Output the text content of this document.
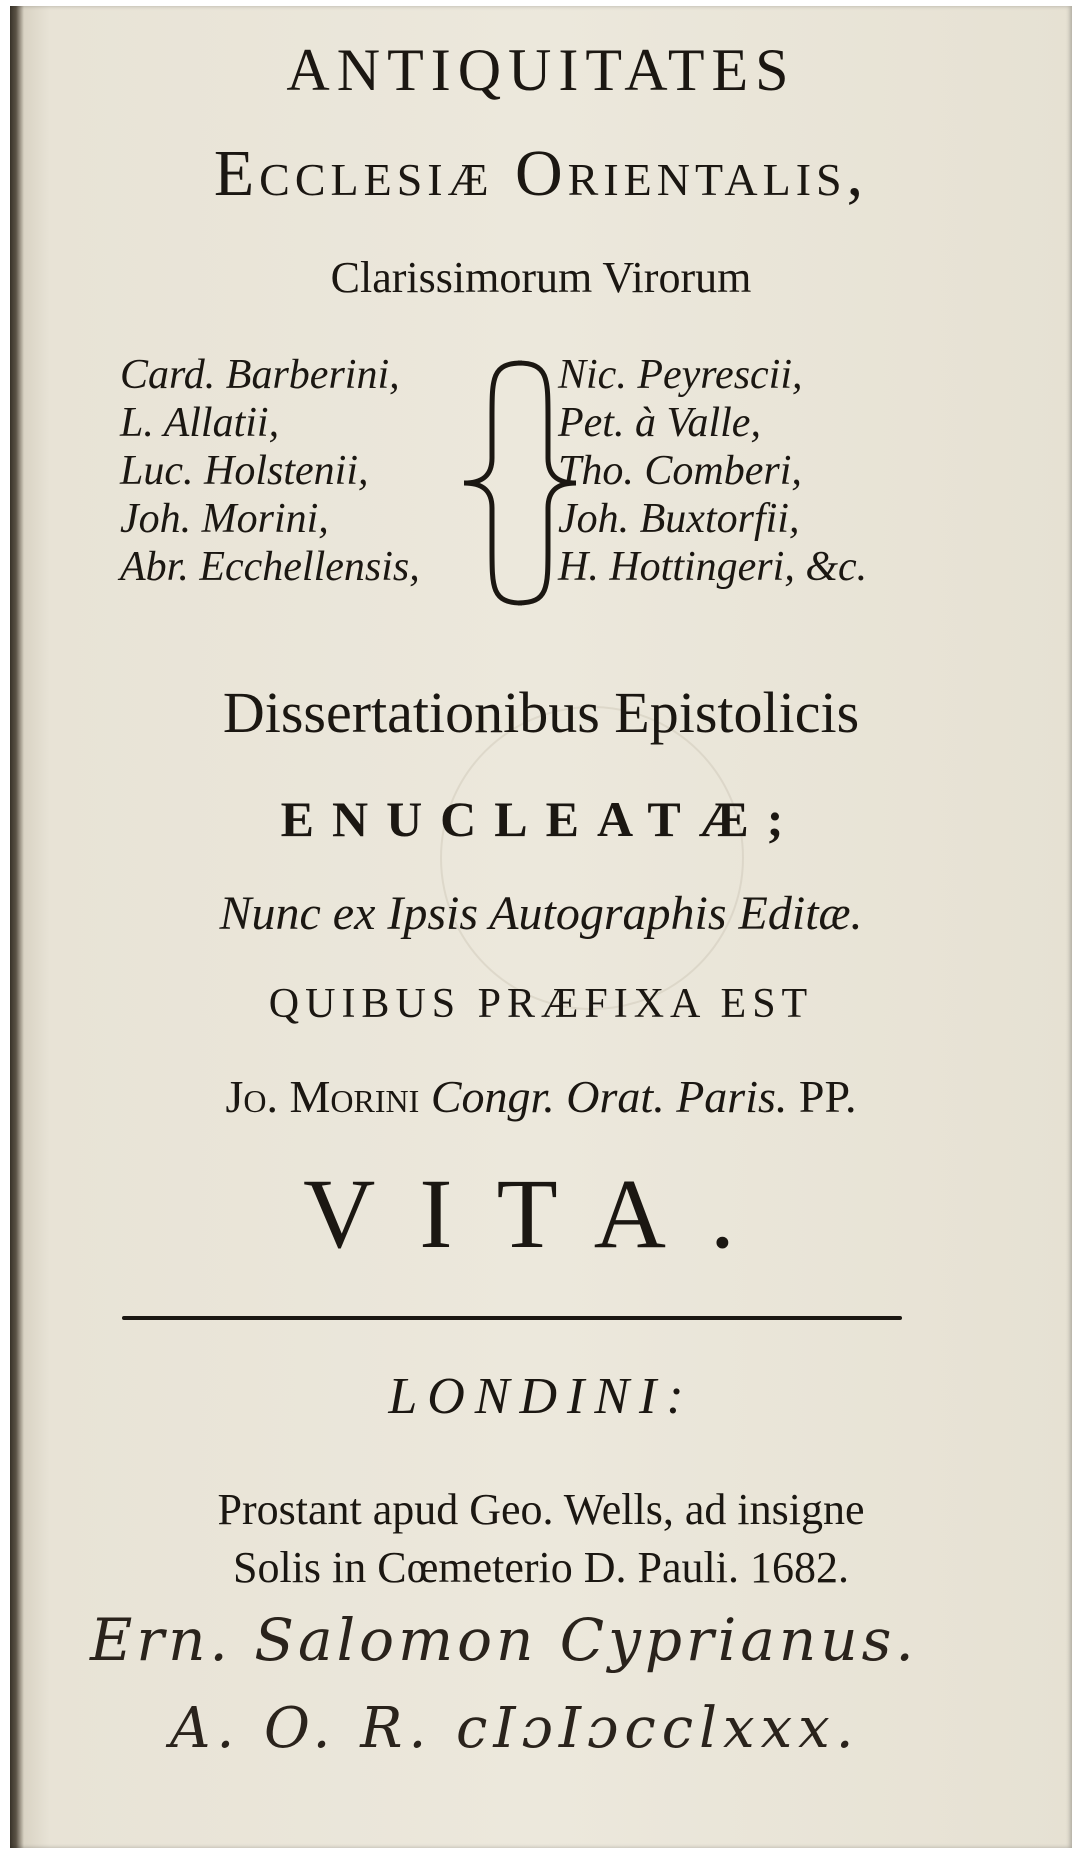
ANTIQUITATES
Ecclesiæ Orientalis,
Clarissimorum Virorum
Card. Barberini,
L. Allatii,
Luc. Holstenii,
Joh. Morini,
Abr. Ecchellensis,
Nic. Peyrescii,
Pet. à Valle,
Tho. Comberi,
Joh. Buxtorfii,
H. Hottingeri, &c.
Dissertationibus Epistolicis
ENUCLEATÆ;
Nunc ex Ipsis Autographis Editæ.
QUIBUS PRÆFIXA EST
Jo. Morini Congr. Orat. Paris. PP.
VITA.
LONDINI:
Prostant apud Geo. Wells, ad insigne
Solis in Cœmeterio D. Pauli. 1682.
Ern. Salomon Cyprianus.
A. O. R. cIɔIɔcclxxx.
